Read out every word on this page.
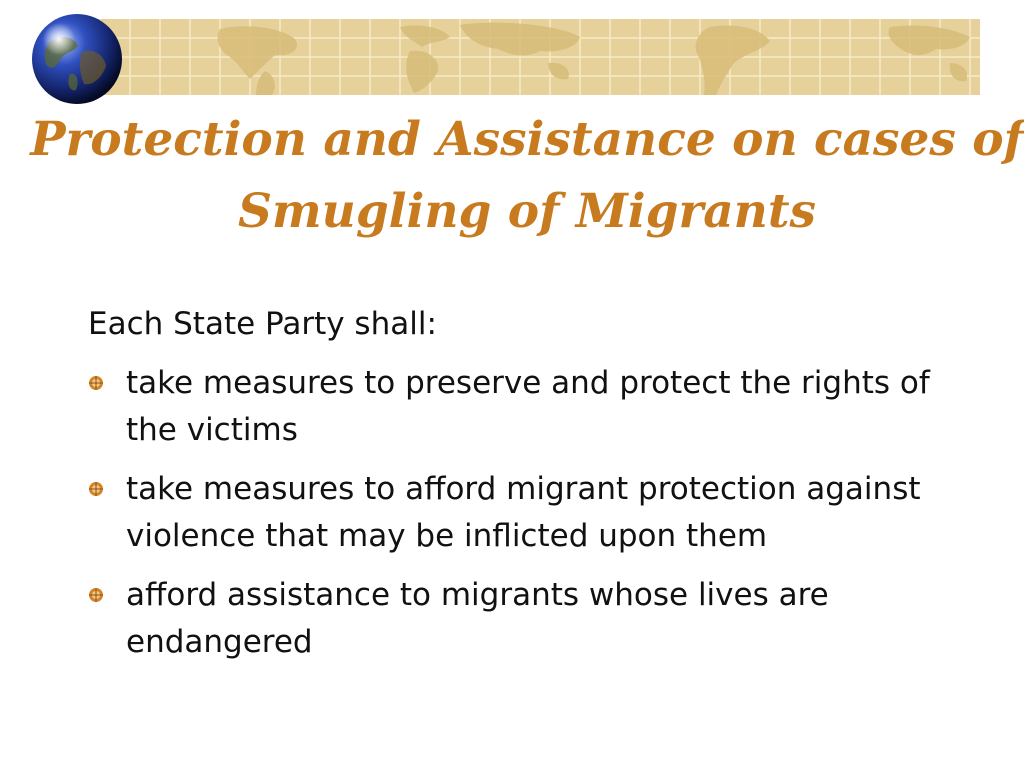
Protection and Assistance on cases of
Smugling of Migrants

Each State Party shall:

take measures to preserve and protect the rights of the victims
take measures to afford migrant protection against violence that may be inflicted upon them
afford assistance to migrants whose lives are endangered
